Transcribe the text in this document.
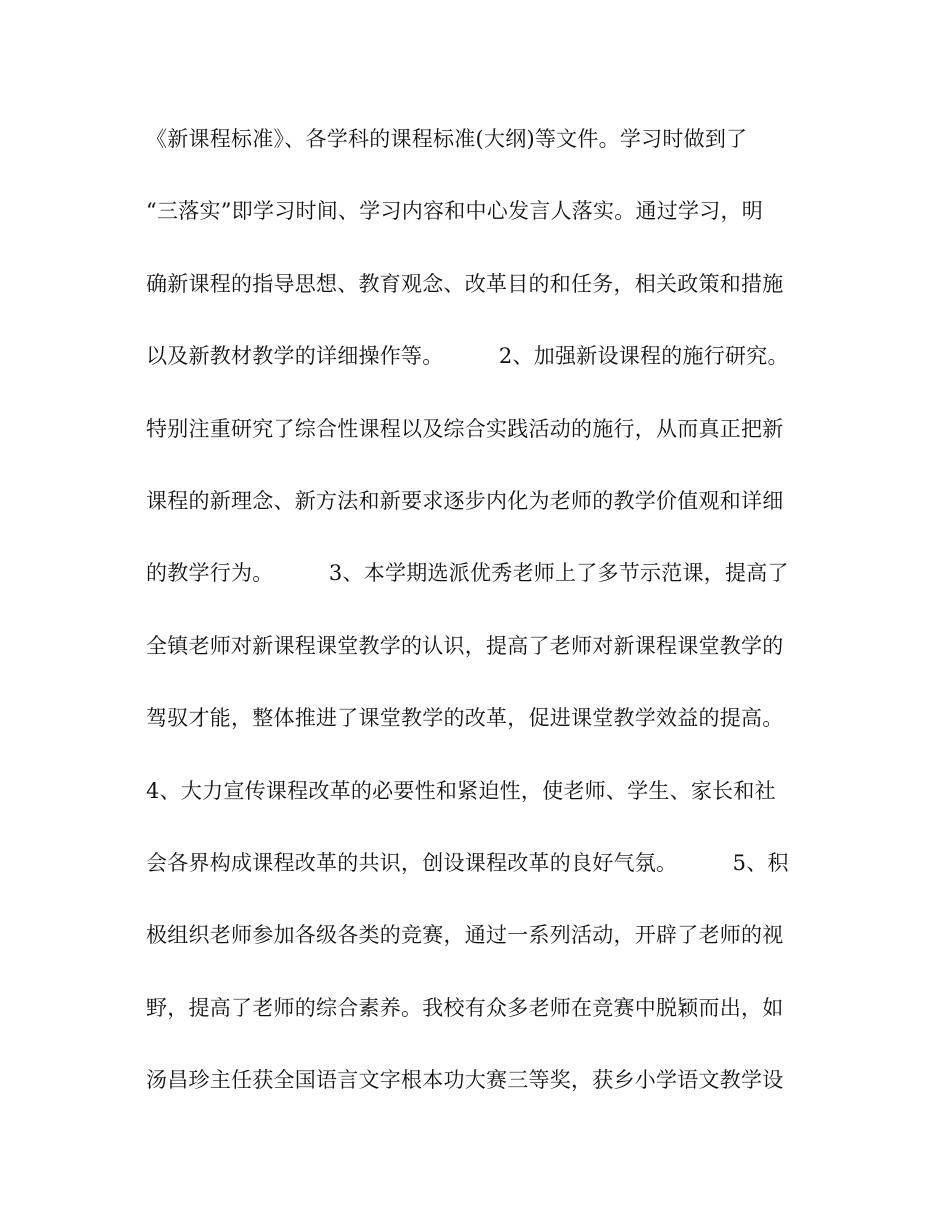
《新课程标准》、各学科的课程标准(大纲)等文件。学习时做到了
“三落实”即学习时间、学习内容和中心发言人落实。通过学习，明
确新课程的指导思想、教育观念、改革目的和任务，相关政策和措施
以及新教材教学的详细操作等。        2、加强新设课程的施行研究。
特别注重研究了综合性课程以及综合实践活动的施行，从而真正把新
课程的新理念、新方法和新要求逐步内化为老师的教学价值观和详细
的教学行为。        3、本学期选派优秀老师上了多节示范课，提高了
全镇老师对新课程课堂教学的认识，提高了老师对新课程课堂教学的
驾驭才能，整体推进了课堂教学的改革，促进课堂教学效益的提高。
4、大力宣传课程改革的必要性和紧迫性，使老师、学生、家长和社
会各界构成课程改革的共识，创设课程改革的良好气氛。        5、积
极组织老师参加各级各类的竞赛，通过一系列活动，开辟了老师的视
野，提高了老师的综合素养。我校有众多老师在竞赛中脱颖而出，如
汤昌珍主任获全国语言文字根本功大赛三等奖，获乡小学语文教学设
